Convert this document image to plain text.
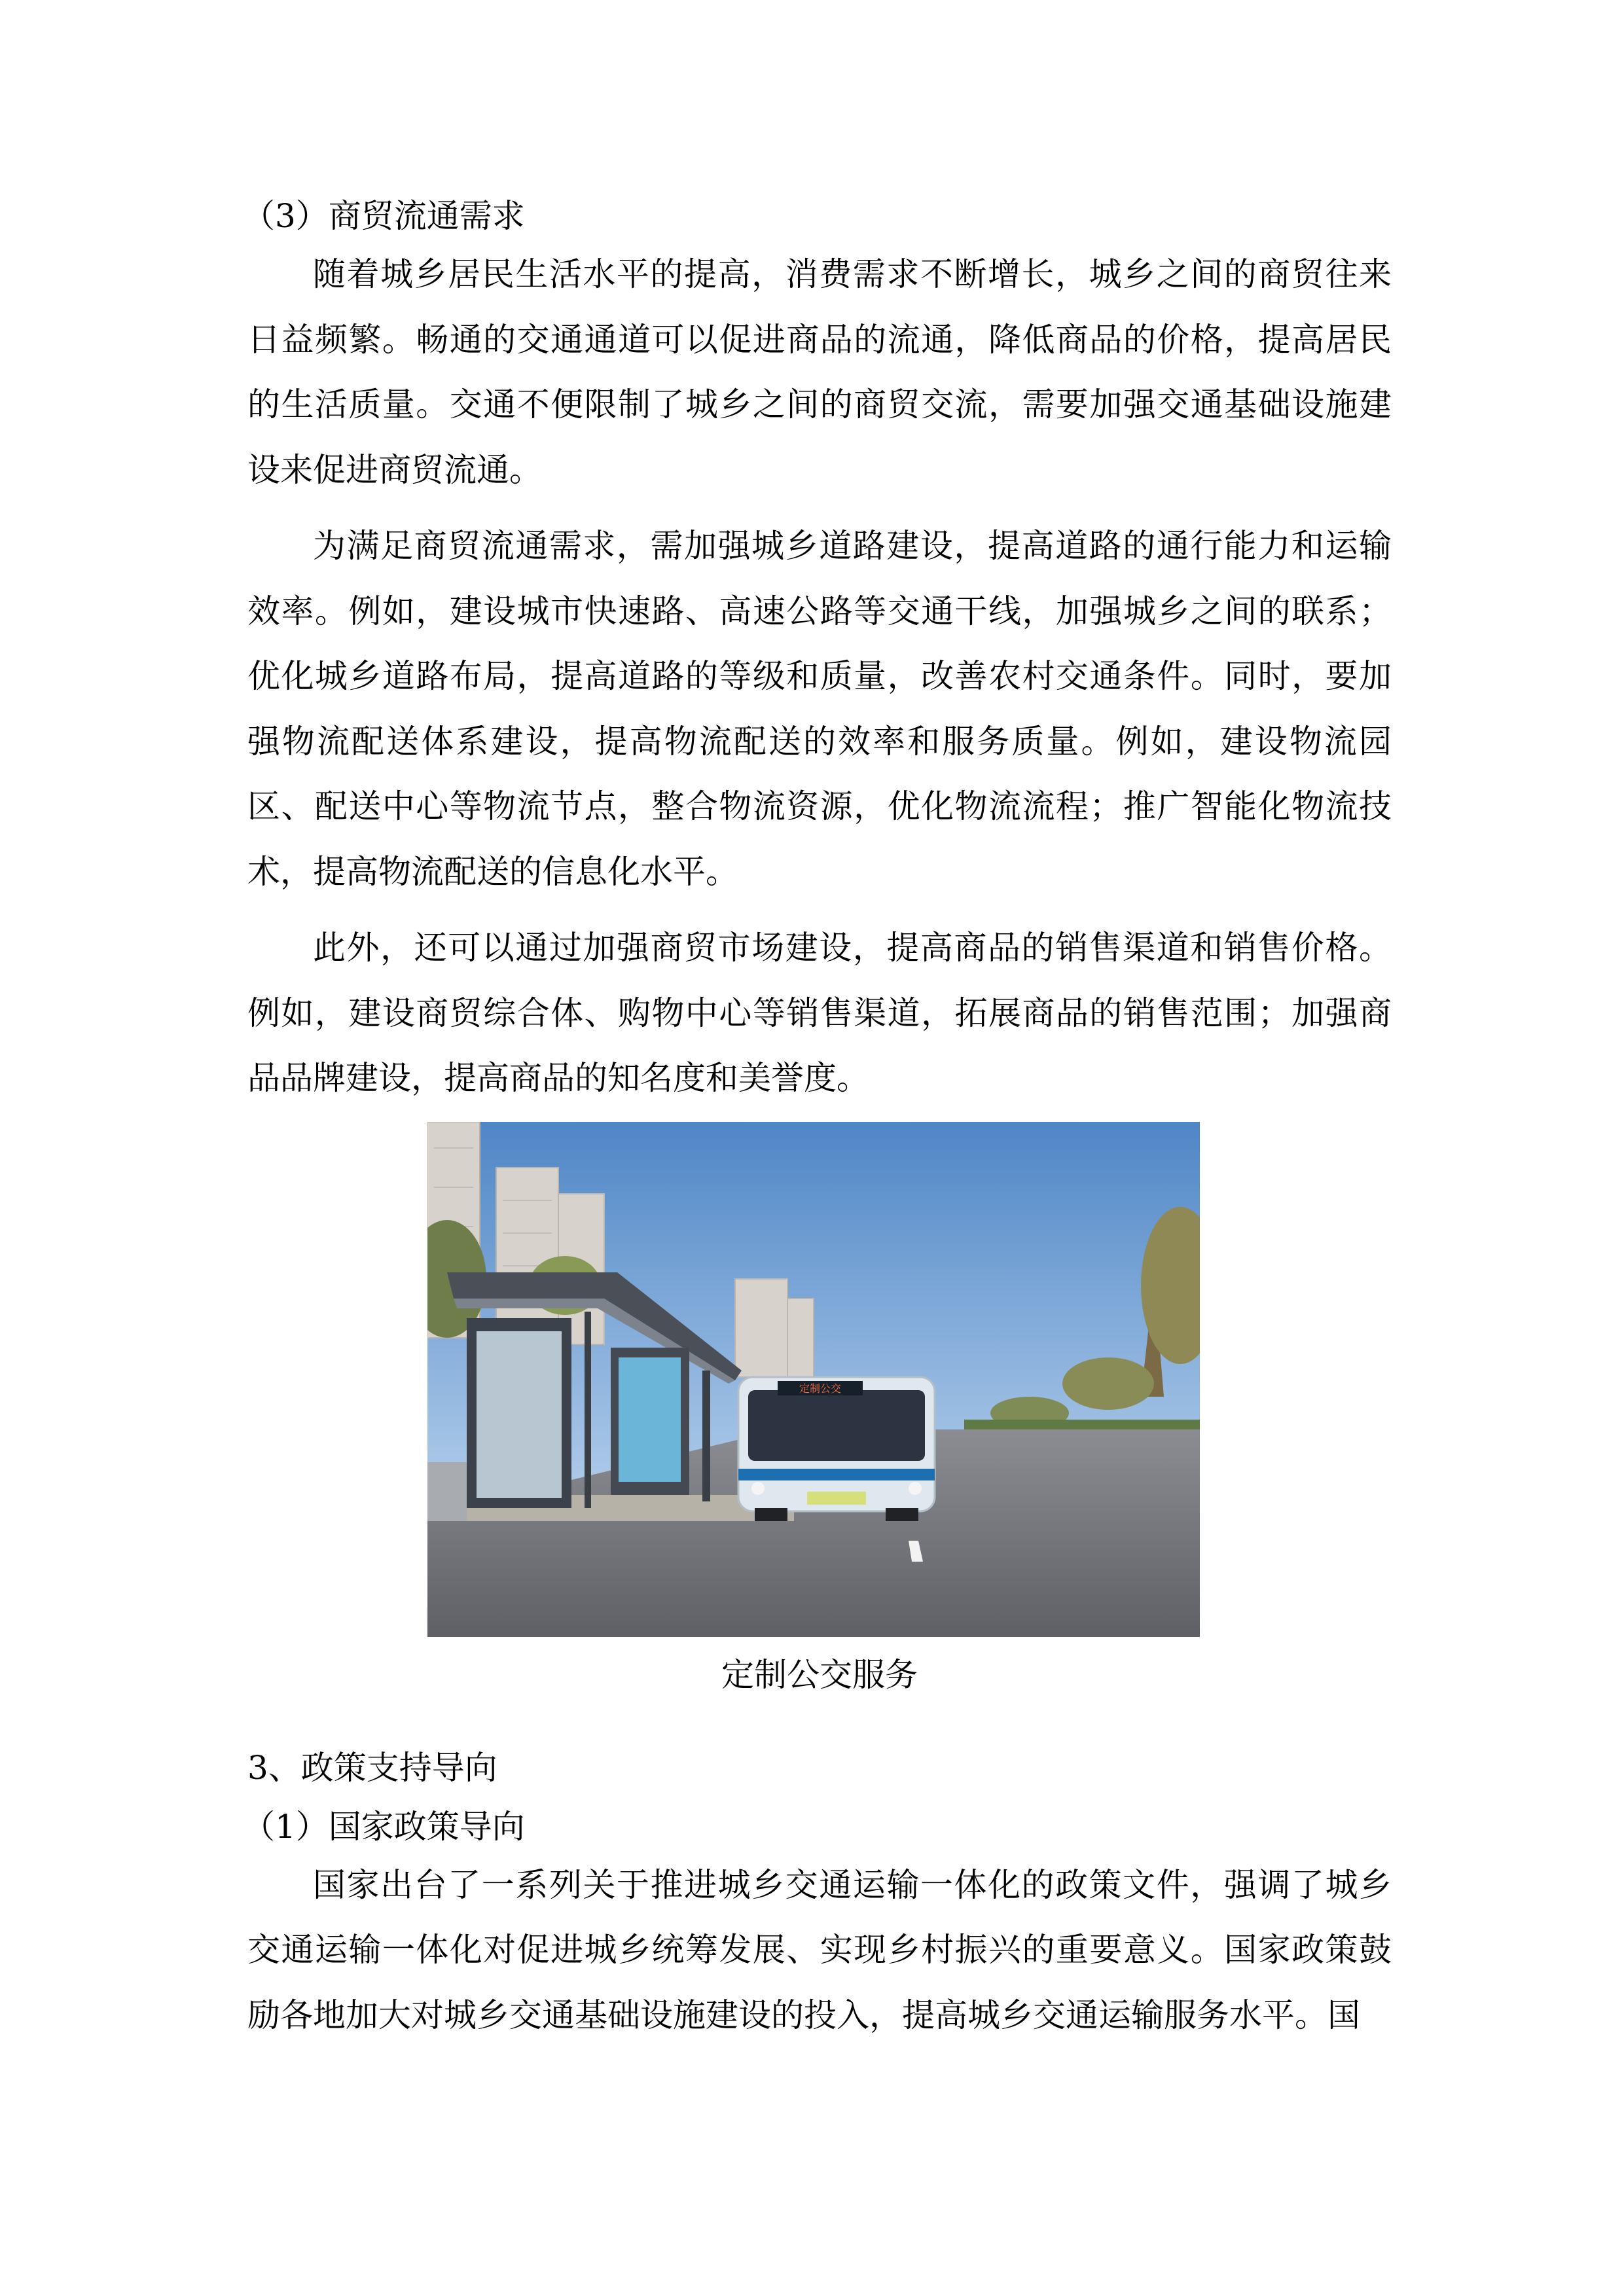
（3）商贸流通需求

随着城乡居民生活水平的提高，消费需求不断增长，城乡之间的商贸往来日益频繁。畅通的交通通道可以促进商品的流通，降低商品的价格，提高居民的生活质量。交通不便限制了城乡之间的商贸交流，需要加强交通基础设施建设来促进商贸流通。

为满足商贸流通需求，需加强城乡道路建设，提高道路的通行能力和运输效率。例如，建设城市快速路、高速公路等交通干线，加强城乡之间的联系；优化城乡道路布局，提高道路的等级和质量，改善农村交通条件。同时，要加强物流配送体系建设，提高物流配送的效率和服务质量。例如，建设物流园区、配送中心等物流节点，整合物流资源，优化物流流程；推广智能化物流技术，提高物流配送的信息化水平。

此外，还可以通过加强商贸市场建设，提高商品的销售渠道和销售价格。例如，建设商贸综合体、购物中心等销售渠道，拓展商品的销售范围；加强商品品牌建设，提高商品的知名度和美誉度。

定制公交

定制公交服务

3、政策支持导向
（1）国家政策导向

国家出台了一系列关于推进城乡交通运输一体化的政策文件，强调了城乡交通运输一体化对促进城乡统筹发展、实现乡村振兴的重要意义。国家政策鼓励各地加大对城乡交通基础设施建设的投入，提高城乡交通运输服务水平。国
